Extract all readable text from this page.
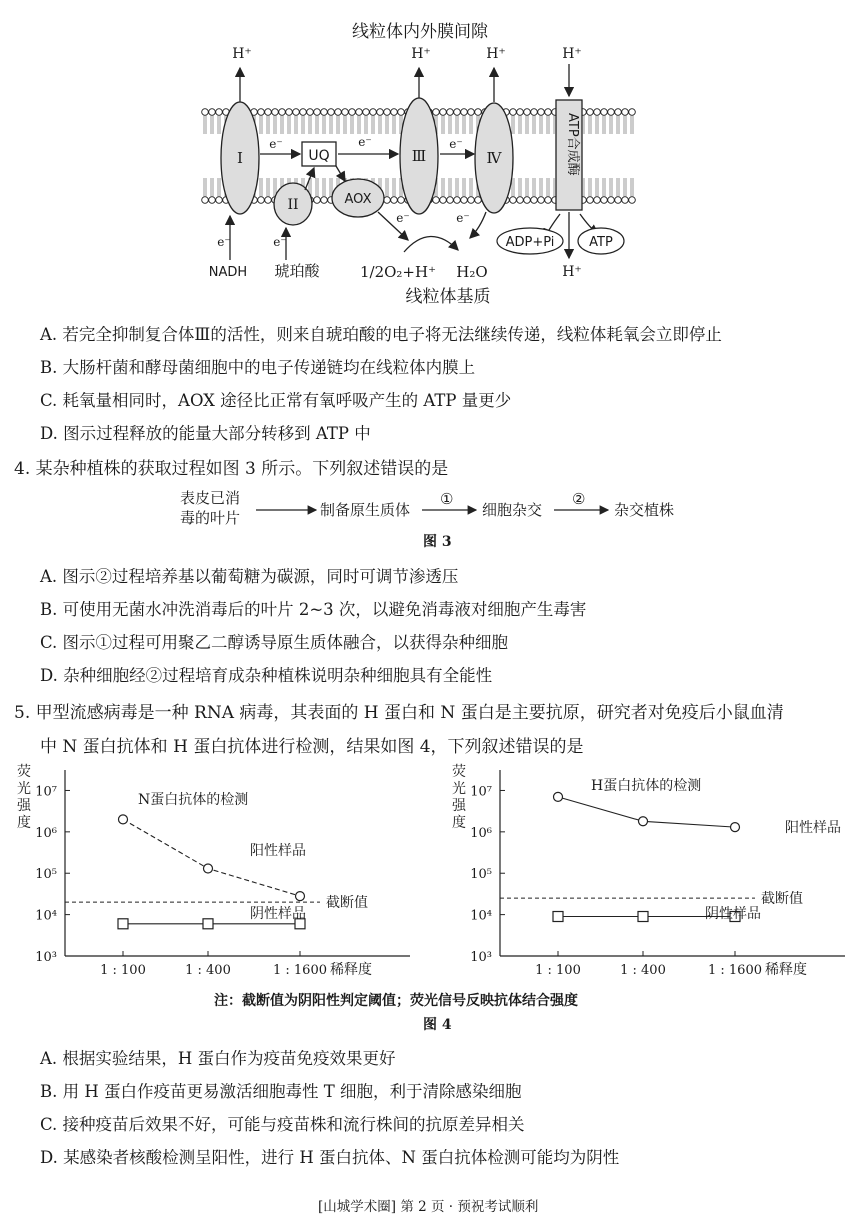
线粒体内外膜间隙
I
II
UQ
AOX
Ⅲ	Ⅳ	ATP合成酶
H⁺	H⁺	H⁺	H⁺
H⁺
e⁻	e⁻	e⁻
e⁻	e⁻
e⁻	e⁻
NADH 琥珀酸	1/2O₂+H⁺ H₂O
ADP+Pi	ATP
线粒体基质
A. 若完全抑制复合体Ⅲ的活性，则来自琥珀酸的电子将无法继续传递，线粒体耗氧会立即停止
B. 大肠杆菌和酵母菌细胞中的电子传递链均在线粒体内膜上
C. 耗氧量相同时，AOX 途径比正常有氧呼吸产生的 ATP 量更少
D. 图示过程释放的能量大部分转移到 ATP 中
4. 某杂种植株的获取过程如图 3 所示。下列叙述错误的是
表皮已消
毒的叶片	制备原生质体
①
细胞杂交
②
杂交植株
图 3
A. 图示②过程培养基以葡萄糖为碳源，同时可调节渗透压
B. 可使用无菌水冲洗消毒后的叶片 2~3 次，以避免消毒液对细胞产生毒害
C. 图示①过程可用聚乙二醇诱导原生质体融合，以获得杂种细胞
D. 杂种细胞经②过程培育成杂种植株说明杂种细胞具有全能性
5. 甲型流感病毒是一种 RNA 病毒，其表面的 H 蛋白和 N 蛋白是主要抗原，研究者对免疫后小鼠血清
中 N 蛋白抗体和 H 蛋白抗体进行检测，结果如图 4，下列叙述错误的是
荧
光
强
度
10³
10⁴
10⁵
10⁶
10⁷
1 : 100	1 : 400	1 : 1600 稀释度
截断值
N蛋白抗体的检测
阳性样品
阴性样品
荧
光
强
度
10³
10⁴
10⁵
10⁶
10⁷
1 : 100	1 : 400	1 : 1600 稀释度
截断值
H蛋白抗体的检测
阳性样品
阴性样品
注：截断值为阴阳性判定阈值；荧光信号反映抗体结合强度
图 4
A. 根据实验结果，H 蛋白作为疫苗免疫效果更好
B. 用 H 蛋白作疫苗更易激活细胞毒性 T 细胞，利于清除感染细胞
C. 接种疫苗后效果不好，可能与疫苗株和流行株间的抗原差异相关
D. 某感染者核酸检测呈阳性，进行 H 蛋白抗体、N 蛋白抗体检测可能均为阴性
[山城学术圈] 第 2 页 · 预祝考试顺利
